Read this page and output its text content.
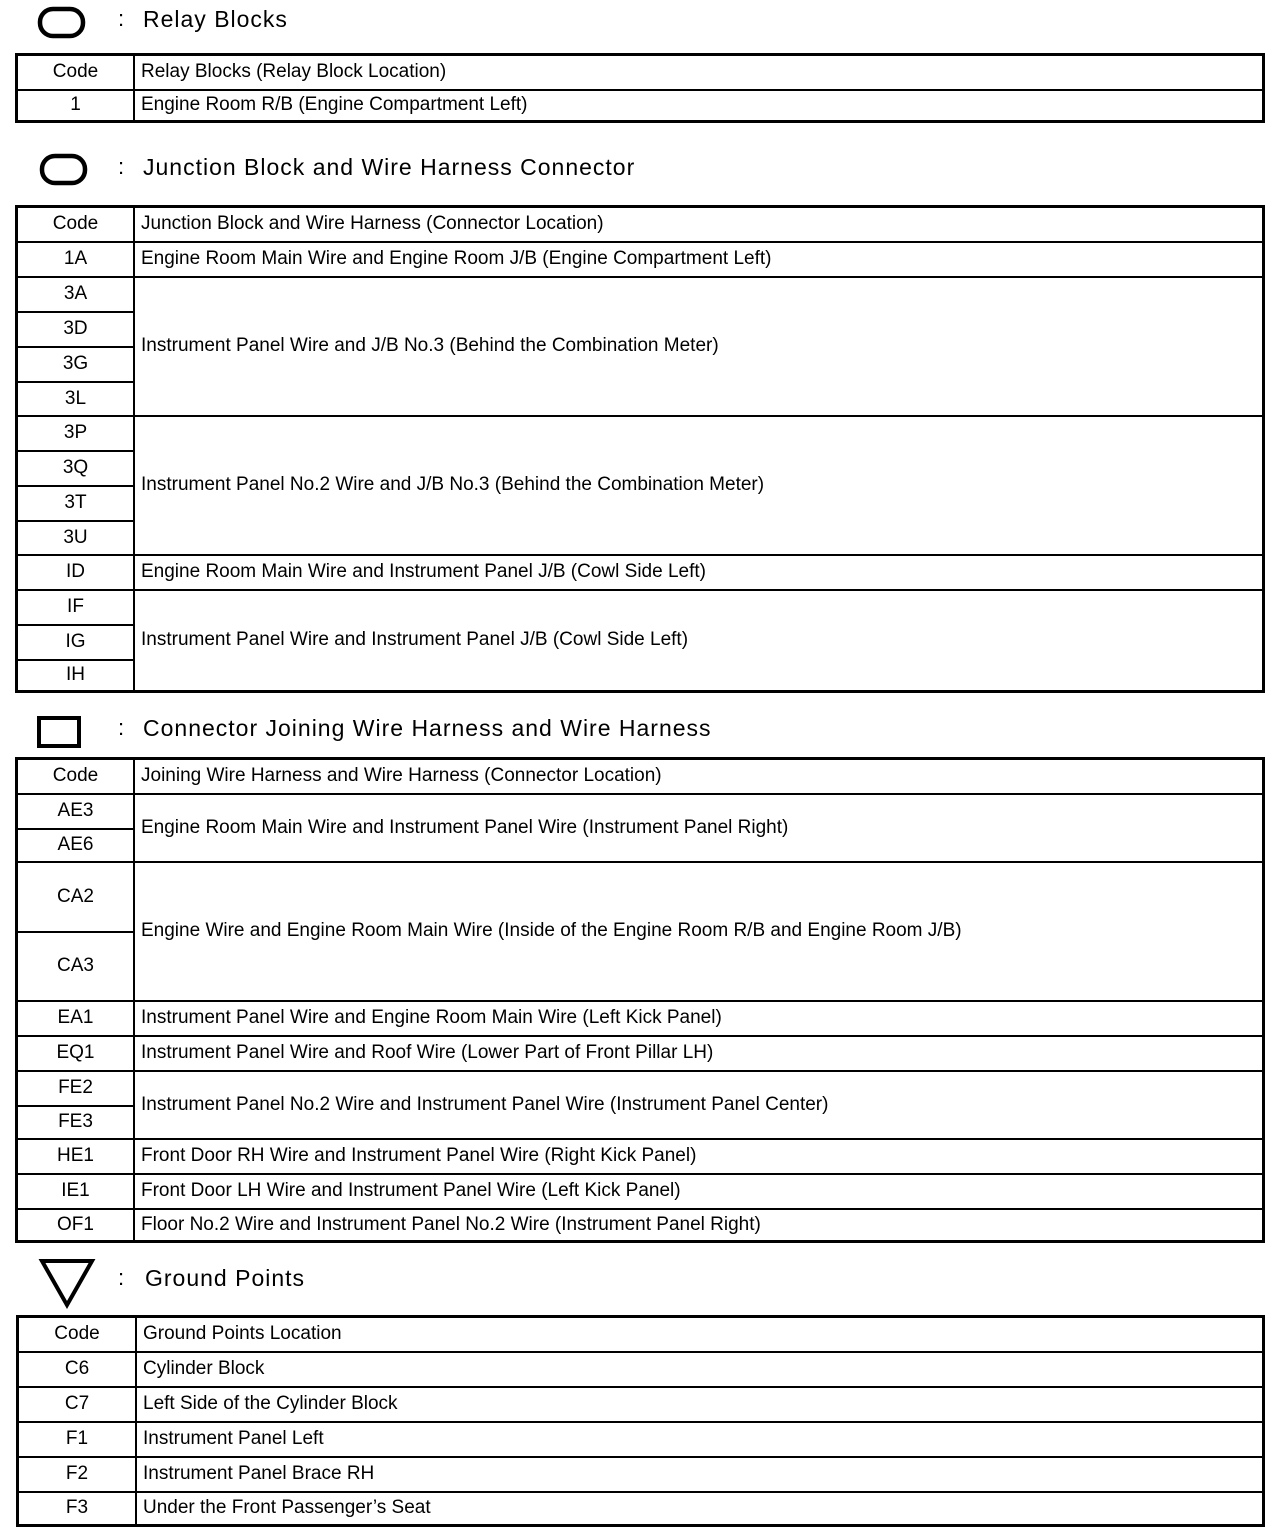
: Relay Blocks
Code	Relay Blocks (Relay Block Location)
1	Engine Room R/B (Engine Compartment Left)
: Junction Block and Wire Harness Connector
Code	Junction Block and Wire Harness (Connector Location)
1A	Engine Room Main Wire and Engine Room J/B (Engine Compartment Left)
3A	Instrument Panel Wire and J/B No.3 (Behind the Combination Meter)
3D	
3G	
3L	
3P	Instrument Panel No.2 Wire and J/B No.3 (Behind the Combination Meter)
3Q	
3T	
3U	
ID	Engine Room Main Wire and Instrument Panel J/B (Cowl Side Left)
IF	Instrument Panel Wire and Instrument Panel J/B (Cowl Side Left)
IG	
IH	
: Connector Joining Wire Harness and Wire Harness
Code	Joining Wire Harness and Wire Harness (Connector Location)
AE3	Engine Room Main Wire and Instrument Panel Wire (Instrument Panel Right)
AE6	
CA2	Engine Wire and Engine Room Main Wire (Inside of the Engine Room R/B and Engine Room J/B)
CA3	
EA1	Instrument Panel Wire and Engine Room Main Wire (Left Kick Panel)
EQ1	Instrument Panel Wire and Roof Wire (Lower Part of Front Pillar LH)
FE2	Instrument Panel No.2 Wire and Instrument Panel Wire (Instrument Panel Center)
FE3	
HE1	Front Door RH Wire and Instrument Panel Wire (Right Kick Panel)
IE1	Front Door LH Wire and Instrument Panel Wire (Left Kick Panel)
OF1	Floor No.2 Wire and Instrument Panel No.2 Wire (Instrument Panel Right)
: Ground Points
Code	Ground Points Location
C6	Cylinder Block
C7	Left Side of the Cylinder Block
F1	Instrument Panel Left
F2	Instrument Panel Brace RH
F3	Under the Front Passenger’s Seat
